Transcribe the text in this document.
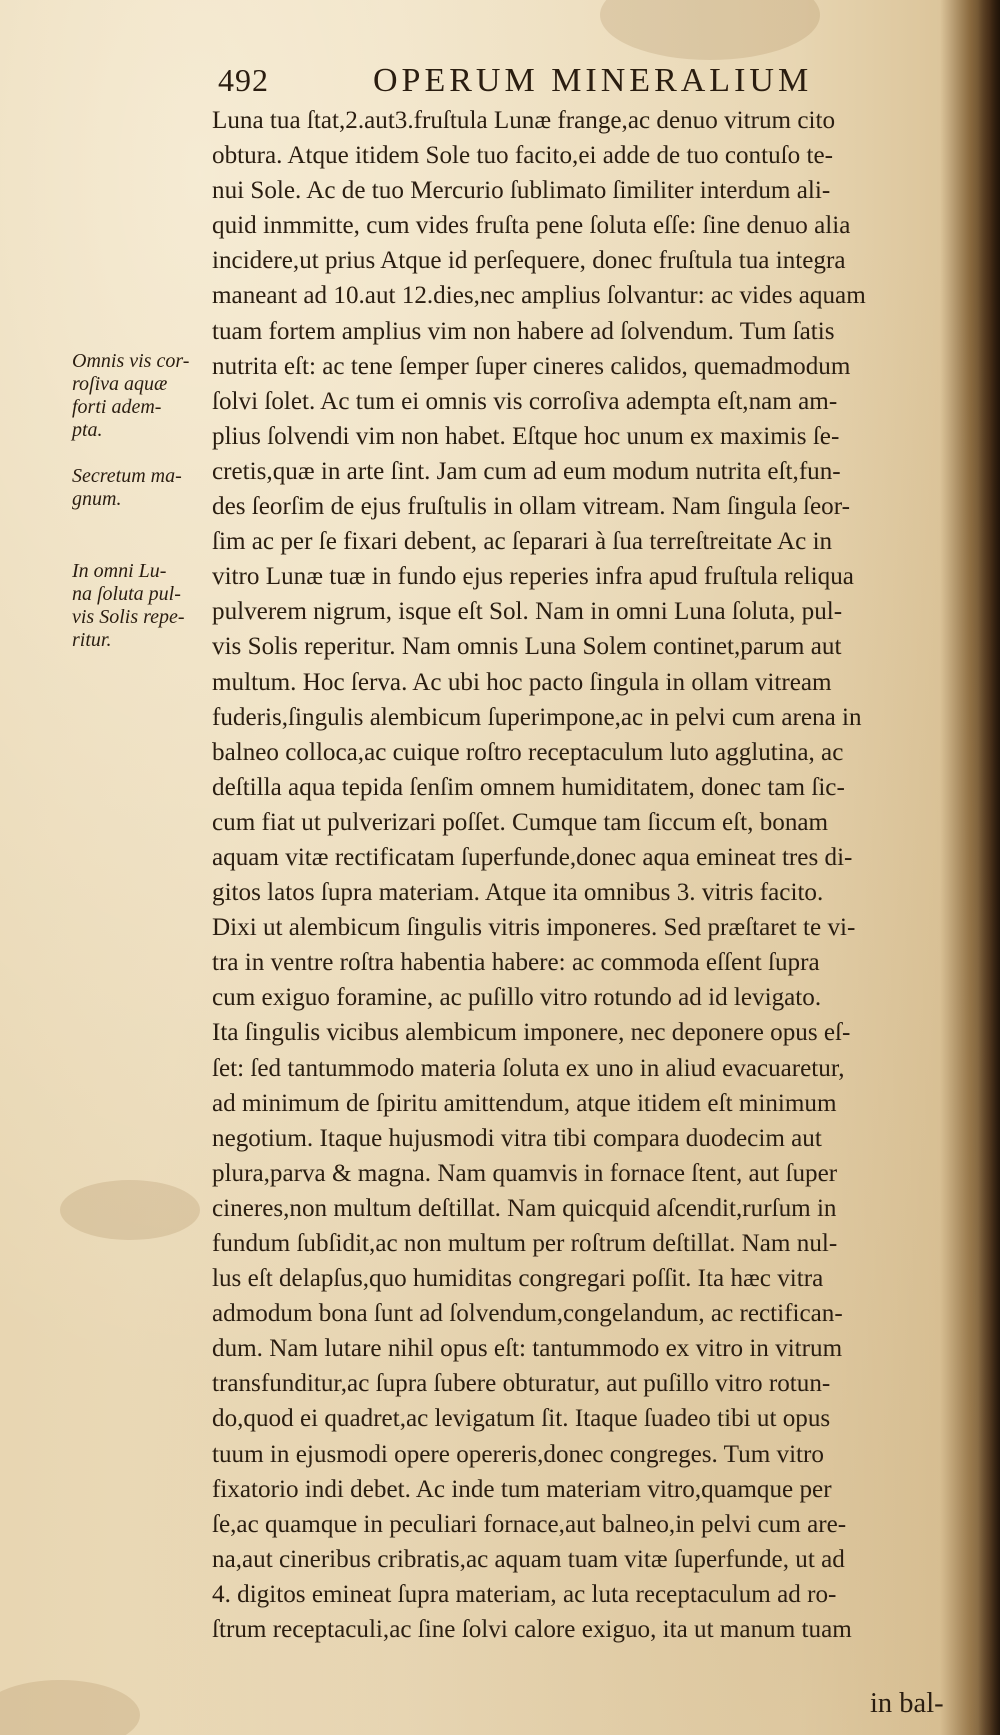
492	OPERUM MINERALIUM
Omnis vis cor-
roſiva aquæ
forti adem-
pta.
Secretum ma-
gnum.
In omni Lu-
na ſoluta pul-
vis Solis repe-
ritur.
Luna tua ſtat,2.aut3.fruſtula Lunæ frange,ac denuo vitrum cito
obtura. Atque itidem Sole tuo facito,ei adde de tuo contuſo te-
nui Sole. Ac de tuo Mercurio ſublimato ſimiliter interdum ali-
quid inmmitte, cum vides fruſta pene ſoluta eſſe: ſine denuo alia
incidere,ut prius Atque id perſequere, donec fruſtula tua integra
maneant ad 10.aut 12.dies,nec amplius ſolvantur: ac vides aquam
tuam fortem amplius vim non habere ad ſolvendum. Tum ſatis
nutrita eſt: ac tene ſemper ſuper cineres calidos, quemadmodum
ſolvi ſolet. Ac tum ei omnis vis corroſiva adempta eſt,nam am-
plius ſolvendi vim non habet. Eſtque hoc unum ex maximis ſe-
cretis,quæ in arte ſint. Jam cum ad eum modum nutrita eſt,fun-
des ſeorſim de ejus fruſtulis in ollam vitream. Nam ſingula ſeor-
ſim ac per ſe fixari debent, ac ſeparari à ſua terreſtreitate Ac in
vitro Lunæ tuæ in fundo ejus reperies infra apud fruſtula reliqua
pulverem nigrum, isque eſt Sol. Nam in omni Luna ſoluta, pul-
vis Solis reperitur. Nam omnis Luna Solem continet,parum aut
multum. Hoc ſerva. Ac ubi hoc pacto ſingula in ollam vitream
fuderis,ſingulis alembicum ſuperimpone,ac in pelvi cum arena in
balneo colloca,ac cuique roſtro receptaculum luto agglutina, ac
deſtilla aqua tepida ſenſim omnem humiditatem, donec tam ſic-
cum fiat ut pulverizari poſſet. Cumque tam ſiccum eſt, bonam
aquam vitæ rectificatam ſuperfunde,donec aqua emineat tres di-
gitos latos ſupra materiam. Atque ita omnibus 3. vitris facito.
Dixi ut alembicum ſingulis vitris imponeres. Sed præſtaret te vi-
tra in ventre roſtra habentia habere: ac commoda eſſent ſupra
cum exiguo foramine, ac puſillo vitro rotundo ad id levigato.
Ita ſingulis vicibus alembicum imponere, nec deponere opus eſ-
ſet: ſed tantummodo materia ſoluta ex uno in aliud evacuaretur,
ad minimum de ſpiritu amittendum, atque itidem eſt minimum
negotium. Itaque hujusmodi vitra tibi compara duodecim aut
plura,parva & magna. Nam quamvis in fornace ſtent, aut ſuper
cineres,non multum deſtillat. Nam quicquid aſcendit,rurſum in
fundum ſubſidit,ac non multum per roſtrum deſtillat. Nam nul-
lus eſt delapſus,quo humiditas congregari poſſit. Ita hæc vitra
admodum bona ſunt ad ſolvendum,congelandum, ac rectifican-
dum. Nam lutare nihil opus eſt: tantummodo ex vitro in vitrum
transfunditur,ac ſupra ſubere obturatur, aut puſillo vitro rotun-
do,quod ei quadret,ac levigatum ſit. Itaque ſuadeo tibi ut opus
tuum in ejusmodi opere opereris,donec congreges. Tum vitro
fixatorio indi debet. Ac inde tum materiam vitro,quamque per
ſe,ac quamque in peculiari fornace,aut balneo,in pelvi cum are-
na,aut cineribus cribratis,ac aquam tuam vitæ ſuperfunde, ut ad
4. digitos emineat ſupra materiam, ac luta receptaculum ad ro-
ſtrum receptaculi,ac ſine ſolvi calore exiguo, ita ut manum tuam
in bal-
